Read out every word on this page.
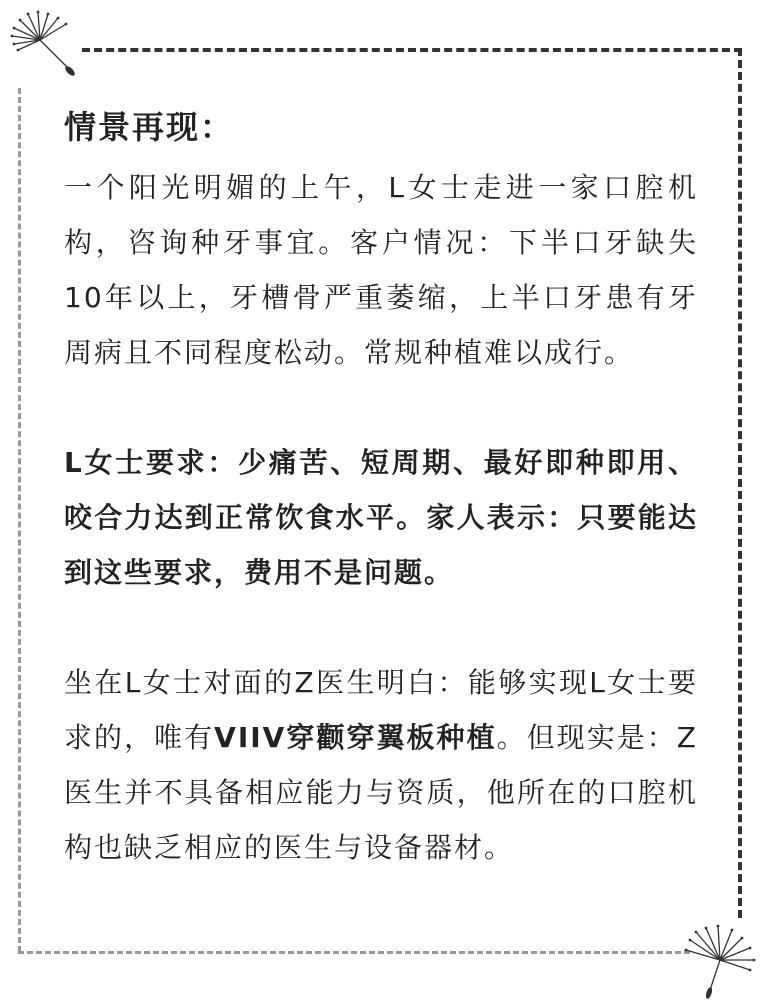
情景再现：

一个阳光明媚的上午，L女士走进一家口腔机构，咨询种牙事宜。客户情况：下半口牙缺失10年以上，牙槽骨严重萎缩，上半口牙患有牙周病且不同程度松动。常规种植难以成行。

L女士要求：少痛苦、短周期、最好即种即用、咬合力达到正常饮食水平。家人表示：只要能达到这些要求，费用不是问题。

坐在L女士对面的Z医生明白：能够实现L女士要求的，唯有VIIV穿颧穿翼板种植。但现实是：Z医生并不具备相应能力与资质，他所在的口腔机构也缺乏相应的医生与设备器材。
